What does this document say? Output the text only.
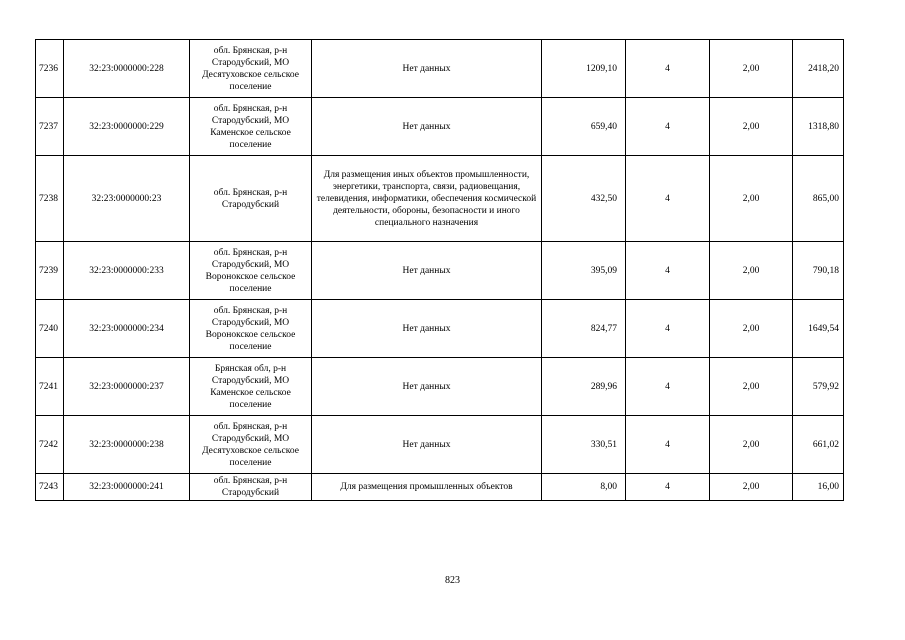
7236	32:23:0000000:228	обл. Брянская, р-н Стародубский, МО Десятуховское сельское поселение	Нет данных	1209,10	4	2,00	2418,20
7237	32:23:0000000:229	обл. Брянская, р-н Стародубский, МО Каменское сельское поселение	Нет данных	659,40	4	2,00	1318,80
7238	32:23:0000000:23	обл. Брянская, р-н Стародубский	Для размещения иных объектов промышленности, энергетики, транспорта, связи, радиовещания, телевидения, информатики, обеспечения космической деятельности, обороны, безопасности и иного специального назначения	432,50	4	2,00	865,00
7239	32:23:0000000:233	обл. Брянская, р-н Стародубский, МО Воронокское сельское поселение	Нет данных	395,09	4	2,00	790,18
7240	32:23:0000000:234	обл. Брянская, р-н Стародубский, МО Воронокское сельское поселение	Нет данных	824,77	4	2,00	1649,54
7241	32:23:0000000:237	Брянская обл, р-н Стародубский, МО Каменское сельское поселение	Нет данных	289,96	4	2,00	579,92
7242	32:23:0000000:238	обл. Брянская, р-н Стародубский, МО Десятуховское сельское поселение	Нет данных	330,51	4	2,00	661,02
7243	32:23:0000000:241	обл. Брянская, р-н Стародубский	Для размещения промышленных объектов	8,00	4	2,00	16,00
823
